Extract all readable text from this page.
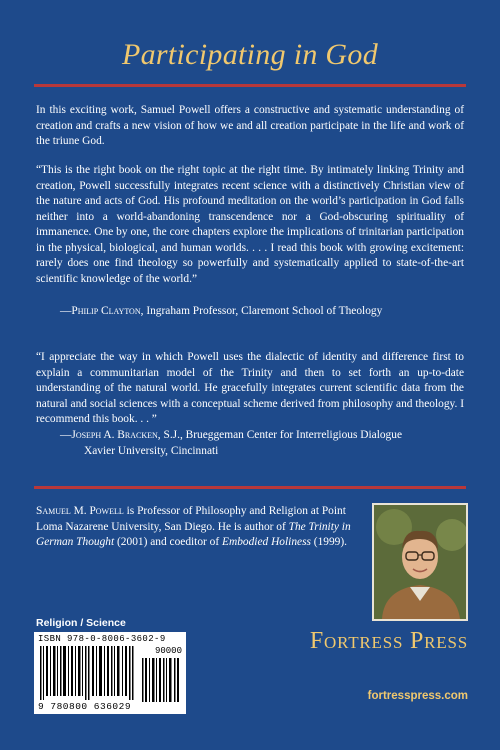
Participating in God
In this exciting work, Samuel Powell offers a constructive and systematic understanding of creation and crafts a new vision of how we and all creation participate in the life and work of the triune God.
“This is the right book on the right topic at the right time. By intimately linking Trinity and creation, Powell successfully integrates recent science with a distinctively Christian view of the nature and acts of God. His profound meditation on the world’s participation in God falls neither into a world-abandoning transcendence nor a God-obscuring spirituality of immanence. One by one, the core chapters explore the implications of trinitarian participation in the physical, biological, and human worlds. . . . I read this book with growing excitement: rarely does one find theology so powerfully and systematically applied to state-of-the-art scientific knowledge of the world.”
—Philip Clayton, Ingraham Professor, Claremont School of Theology
“I appreciate the way in which Powell uses the dialectic of identity and difference first to explain a communitarian model of the Trinity and then to set forth an up-to-date understanding of the natural world. He gracefully integrates current scientific data from the natural and social sciences with a conceptual scheme derived from philosophy and theology. I recommend this book. . . ”
—Joseph A. Bracken, S.J., Brueggeman Center for Interreligious Dialogue
Xavier University, Cincinnati
Samuel M. Powell is Professor of Philosophy and Religion at Point Loma Nazarene University, San Diego. He is author of The Trinity in German Thought (2001) and coeditor of Embodied Holiness (1999).
Religion / Science
ISBN 978-0-8006-3602-9
90000
9 780800 636029
Fortress Press
fortresspress.com
